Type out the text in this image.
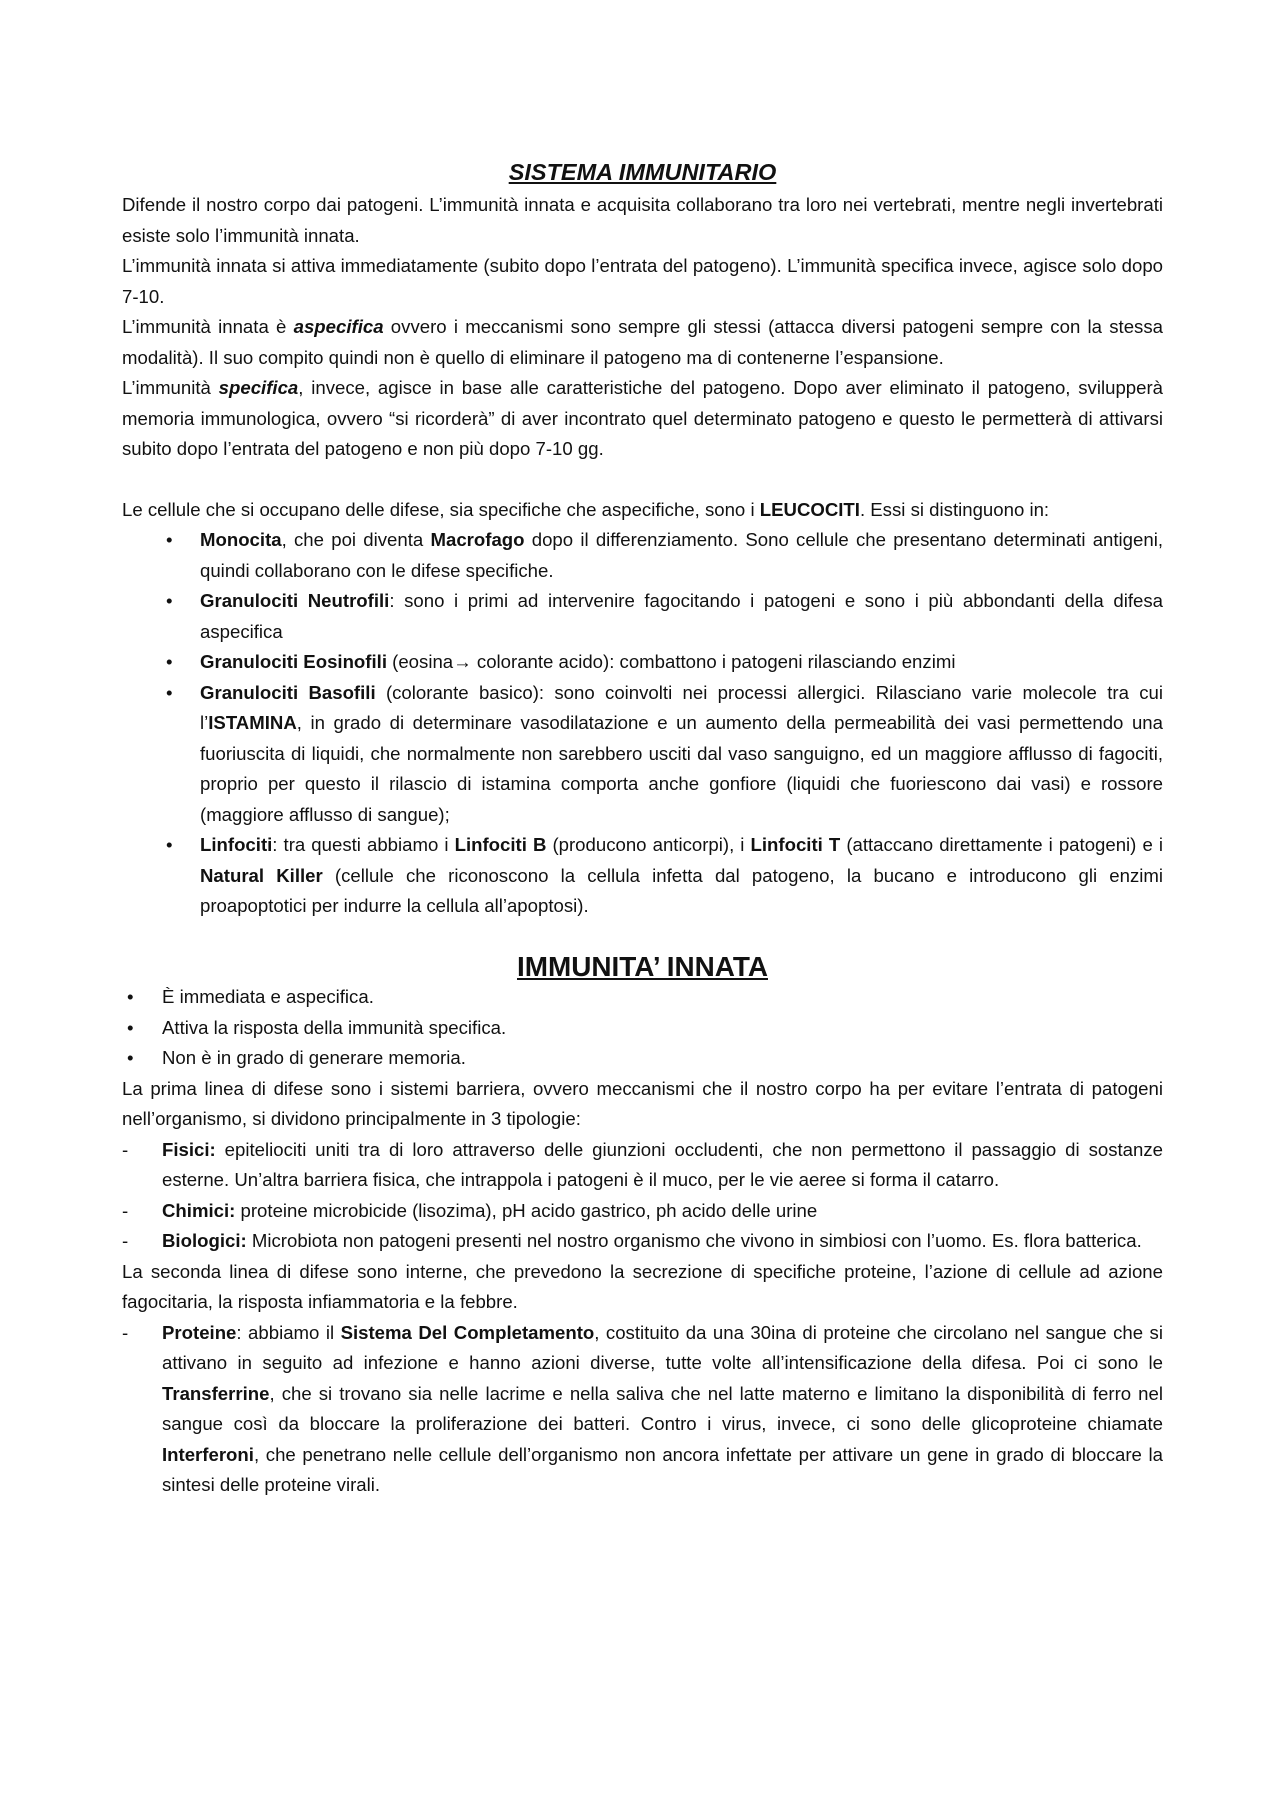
SISTEMA IMMUNITARIO

Difende il nostro corpo dai patogeni. L’immunità innata e acquisita collaborano tra loro nei vertebrati, mentre negli invertebrati esiste solo l’immunità innata.

L’immunità innata si attiva immediatamente (subito dopo l’entrata del patogeno). L’immunità specifica invece, agisce solo dopo 7-10.

L’immunità innata è aspecifica ovvero i meccanismi sono sempre gli stessi (attacca diversi patogeni sempre con la stessa modalità). Il suo compito quindi non è quello di eliminare il patogeno ma di contenerne l’espansione.

L’immunità specifica, invece, agisce in base alle caratteristiche del patogeno. Dopo aver eliminato il patogeno, svilupperà memoria immunologica, ovvero “si ricorderà” di aver incontrato quel determinato patogeno e questo le permetterà di attivarsi subito dopo l’entrata del patogeno e non più dopo 7-10 gg.

Le cellule che si occupano delle difese, sia specifiche che aspecifiche, sono i LEUCOCITI. Essi si distinguono in:

• Monocita, che poi diventa Macrofago dopo il differenziamento. Sono cellule che presentano determinati antigeni, quindi collaborano con le difese specifiche.
• Granulociti Neutrofili: sono i primi ad intervenire fagocitando i patogeni e sono i più abbondanti della difesa aspecifica
• Granulociti Eosinofili (eosina→ colorante acido): combattono i patogeni rilasciando enzimi
• Granulociti Basofili (colorante basico): sono coinvolti nei processi allergici. Rilasciano varie molecole tra cui l’ISTAMINA, in grado di determinare vasodilatazione e un aumento della permeabilità dei vasi permettendo una fuoriuscita di liquidi, che normalmente non sarebbero usciti dal vaso sanguigno, ed un maggiore afflusso di fagociti, proprio per questo il rilascio di istamina comporta anche gonfiore (liquidi che fuoriescono dai vasi) e rossore (maggiore afflusso di sangue);
• Linfociti: tra questi abbiamo i Linfociti B (producono anticorpi), i Linfociti T (attaccano direttamente i patogeni) e i Natural Killer (cellule che riconoscono la cellula infetta dal patogeno, la bucano e introducono gli enzimi proapoptotici per indurre la cellula all’apoptosi).
IMMUNITA’ INNATA
• È immediata e aspecifica.
• Attiva la risposta della immunità specifica.
• Non è in grado di generare memoria.

La prima linea di difese sono i sistemi barriera, ovvero meccanismi che il nostro corpo ha per evitare l’entrata di patogeni nell’organismo, si dividono principalmente in 3 tipologie:

- Fisici: epiteliociti uniti tra di loro attraverso delle giunzioni occludenti, che non permettono il passaggio di sostanze esterne. Un’altra barriera fisica, che intrappola i patogeni è il muco, per le vie aeree si forma il catarro.
- Chimici: proteine microbicide (lisozima), pH acido gastrico, ph acido delle urine
- Biologici: Microbiota non patogeni presenti nel nostro organismo che vivono in simbiosi con l’uomo. Es. flora batterica.

La seconda linea di difese sono interne, che prevedono la secrezione di specifiche proteine, l’azione di cellule ad azione fagocitaria, la risposta infiammatoria e la febbre.

- Proteine: abbiamo il Sistema Del Completamento, costituito da una 30ina di proteine che circolano nel sangue che si attivano in seguito ad infezione e hanno azioni diverse, tutte volte all’intensificazione della difesa. Poi ci sono le Transferrine, che si trovano sia nelle lacrime e nella saliva che nel latte materno e limitano la disponibilità di ferro nel sangue così da bloccare la proliferazione dei batteri. Contro i virus, invece, ci sono delle glicoproteine chiamate Interferoni, che penetrano nelle cellule dell’organismo non ancora infettate per attivare un gene in grado di bloccare la sintesi delle proteine virali.
